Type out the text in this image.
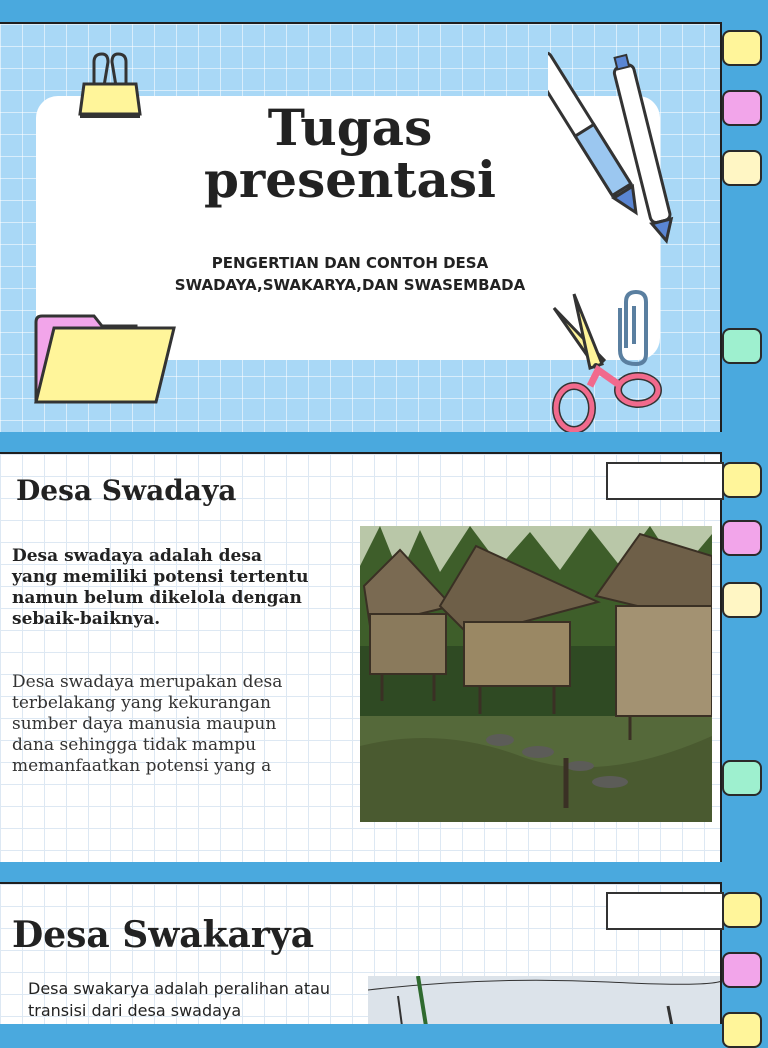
Tugas presentasi

PENGERTIAN DAN CONTOH DESA SWADAYA,SWAKARYA,DAN SWASEMBADA

Desa Swadaya

Desa swadaya adalah desa yang memiliki potensi tertentu namun belum dikelola dengan sebaik-baiknya.

Desa swadaya merupakan desa terbelakang yang kekurangan sumber daya manusia maupun dana sehingga tidak mampu memanfaatkan potensi yang a

Desa Swakarya

Desa swakarya adalah peralihan atau transisi dari desa swadaya
